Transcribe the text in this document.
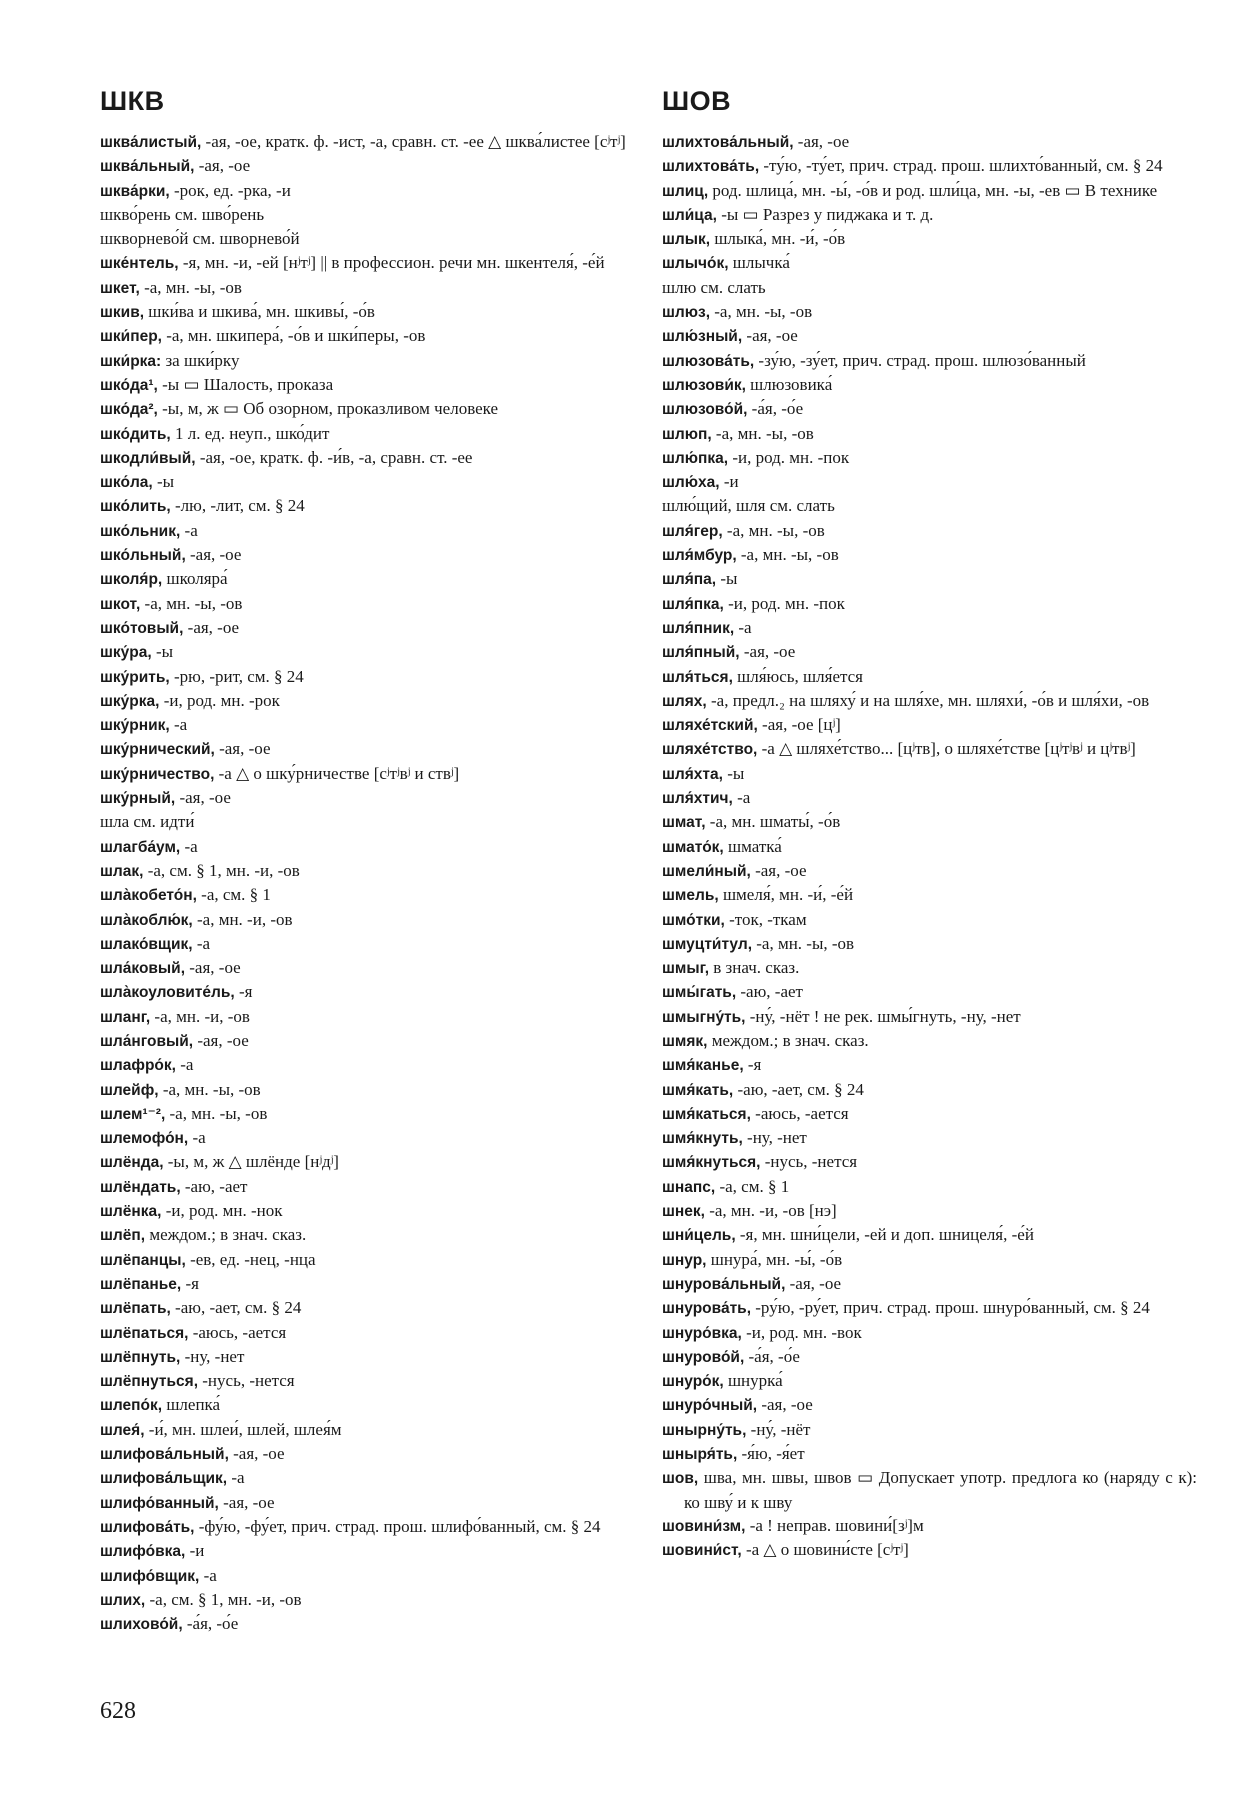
ШКВ
шква́листый, -ая, -ое, кратк. ф. -ист, -а, сравн. ст. -ее △ шква́листее [сʲтʲ]
шква́льный, -ая, -ое
шква́рки, -рок, ед. -рка, -и
шкво́рень см. шво́рень
шкворнево́й см. шворнево́й
шке́нтель, -я, мн. -и, -ей [нʲтʲ] || в профессион. речи мн. шкентеля́, -е́й
шкет, -а, мн. -ы, -ов
шкив, шки́ва и шкива́, мн. шкивы́, -о́в
шки́пер, -а, мн. шкипера́, -о́в и шки́перы, -ов
шки́рка: за шки́рку
шко́да¹, -ы ▭ Шалость, проказа
шко́да², -ы, м, ж ▭ Об озорном, проказливом человеке
шко́дить, 1 л. ед. неуп., шко́дит
шкодли́вый, -ая, -ое, кратк. ф. -и́в, -а, сравн. ст. -ее
шко́ла, -ы
шко́лить, -лю, -лит, см. § 24
шко́льник, -а
шко́льный, -ая, -ое
школя́р, школяра́
шкот, -а, мн. -ы, -ов
шко́товый, -ая, -ое
шку́ра, -ы
шку́рить, -рю, -рит, см. § 24
шку́рка, -и, род. мн. -рок
шку́рник, -а
шку́рнический, -ая, -ое
шку́рничество, -а △ о шку́рничестве [сʲтʲвʲ и ствʲ]
шку́рный, -ая, -ое
шла см. идти́
шлагба́ум, -а
шлак, -а, см. § 1, мн. -и, -ов
шла̀кобето́н, -а, см. § 1
шла̀коблю́к, -а, мн. -и, -ов
шлако́вщик, -а
шла́ковый, -ая, -ое
шла̀коуловите́ль, -я
шланг, -а, мн. -и, -ов
шла́нговый, -ая, -ое
шлафро́к, -а
шлейф, -а, мн. -ы, -ов
шлем¹⁻², -а, мн. -ы, -ов
шлемофо́н, -а
шлёнда, -ы, м, ж △ шлёнде [нʲдʲ]
шлёндать, -аю, -ает
шлёнка, -и, род. мн. -нок
шлёп, междом.; в знач. сказ.
шлёпанцы, -ев, ед. -нец, -нца
шлёпанье, -я
шлёпать, -аю, -ает, см. § 24
шлёпаться, -аюсь, -ается
шлёпнуть, -ну, -нет
шлёпнуться, -нусь, -нется
шлепо́к, шлепка́
шлея́, -и́, мн. шлеи́, шлей, шлея́м
шлифова́льный, -ая, -ое
шлифова́льщик, -а
шлифо́ванный, -ая, -ое
шлифова́ть, -фу́ю, -фу́ет, прич. страд. прош. шлифо́ванный, см. § 24
шлифо́вка, -и
шлифо́вщик, -а
шлих, -а, см. § 1, мн. -и, -ов
шлихово́й, -а́я, -о́е
ШОВ
шлихтова́льный, -ая, -ое
шлихтова́ть, -ту́ю, -ту́ет, прич. страд. прош. шлихто́ванный, см. § 24
шлиц, род. шлица́, мн. -ы́, -о́в и род. шли́ца, мн. -ы, -ев ▭ В технике
шли́ца, -ы ▭ Разрез у пиджака и т. д.
шлык, шлыка́, мн. -и́, -о́в
шлычо́к, шлычка́
шлю см. слать
шлюз, -а, мн. -ы, -ов
шлю́зный, -ая, -ое
шлюзова́ть, -зу́ю, -зу́ет, прич. страд. прош. шлюзо́ванный
шлюзови́к, шлюзовика́
шлюзово́й, -а́я, -о́е
шлюп, -а, мн. -ы, -ов
шлю́пка, -и, род. мн. -пок
шлю́ха, -и
шлю́щий, шля см. слать
шля́гер, -а, мн. -ы, -ов
шля́мбур, -а, мн. -ы, -ов
шля́па, -ы
шля́пка, -и, род. мн. -пок
шля́пник, -а
шля́пный, -ая, -ое
шля́ться, шля́юсь, шля́ется
шлях, -а, предл.₂ на шляху́ и на шля́хе, мн. шляхи́, -о́в и шля́хи, -ов
шляхе́тский, -ая, -ое [цʲ]
шляхе́тство, -а △ шляхе́тство... [цʲтв], о шляхе́тстве [цʲтʲвʲ и цʲтвʲ]
шля́хта, -ы
шля́хтич, -а
шмат, -а, мн. шматы́, -о́в
шмато́к, шматка́
шмели́ный, -ая, -ое
шмель, шмеля́, мн. -и́, -е́й
шмо́тки, -ток, -ткам
шмуцти́тул, -а, мн. -ы, -ов
шмыг, в знач. сказ.
шмы́гать, -аю, -ает
шмыгну́ть, -ну́, -нёт ! не рек. шмы́гнуть, -ну, -нет
шмяк, междом.; в знач. сказ.
шмя́канье, -я
шмя́кать, -аю, -ает, см. § 24
шмя́каться, -аюсь, -ается
шмя́кнуть, -ну, -нет
шмя́кнуться, -нусь, -нется
шнапс, -а, см. § 1
шнек, -а, мн. -и, -ов [нэ]
шни́цель, -я, мн. шни́цели, -ей и доп. шницеля́, -е́й
шнур, шнура́, мн. -ы́, -о́в
шнурова́льный, -ая, -ое
шнурова́ть, -ру́ю, -ру́ет, прич. страд. прош. шнуро́ванный, см. § 24
шнуро́вка, -и, род. мн. -вок
шнурово́й, -а́я, -о́е
шнуро́к, шнурка́
шнуро́чный, -ая, -ое
шнырну́ть, -ну́, -нёт
шныря́ть, -я́ю, -я́ет
шов, шва, мн. швы, швов ▭ Допускает употр. предлога ко (наряду с к): ко шву́ и к шву
шовини́зм, -а ! неправ. шовини́[зʲ]м
шовини́ст, -а △ о шовини́сте [сʲтʲ]
628
